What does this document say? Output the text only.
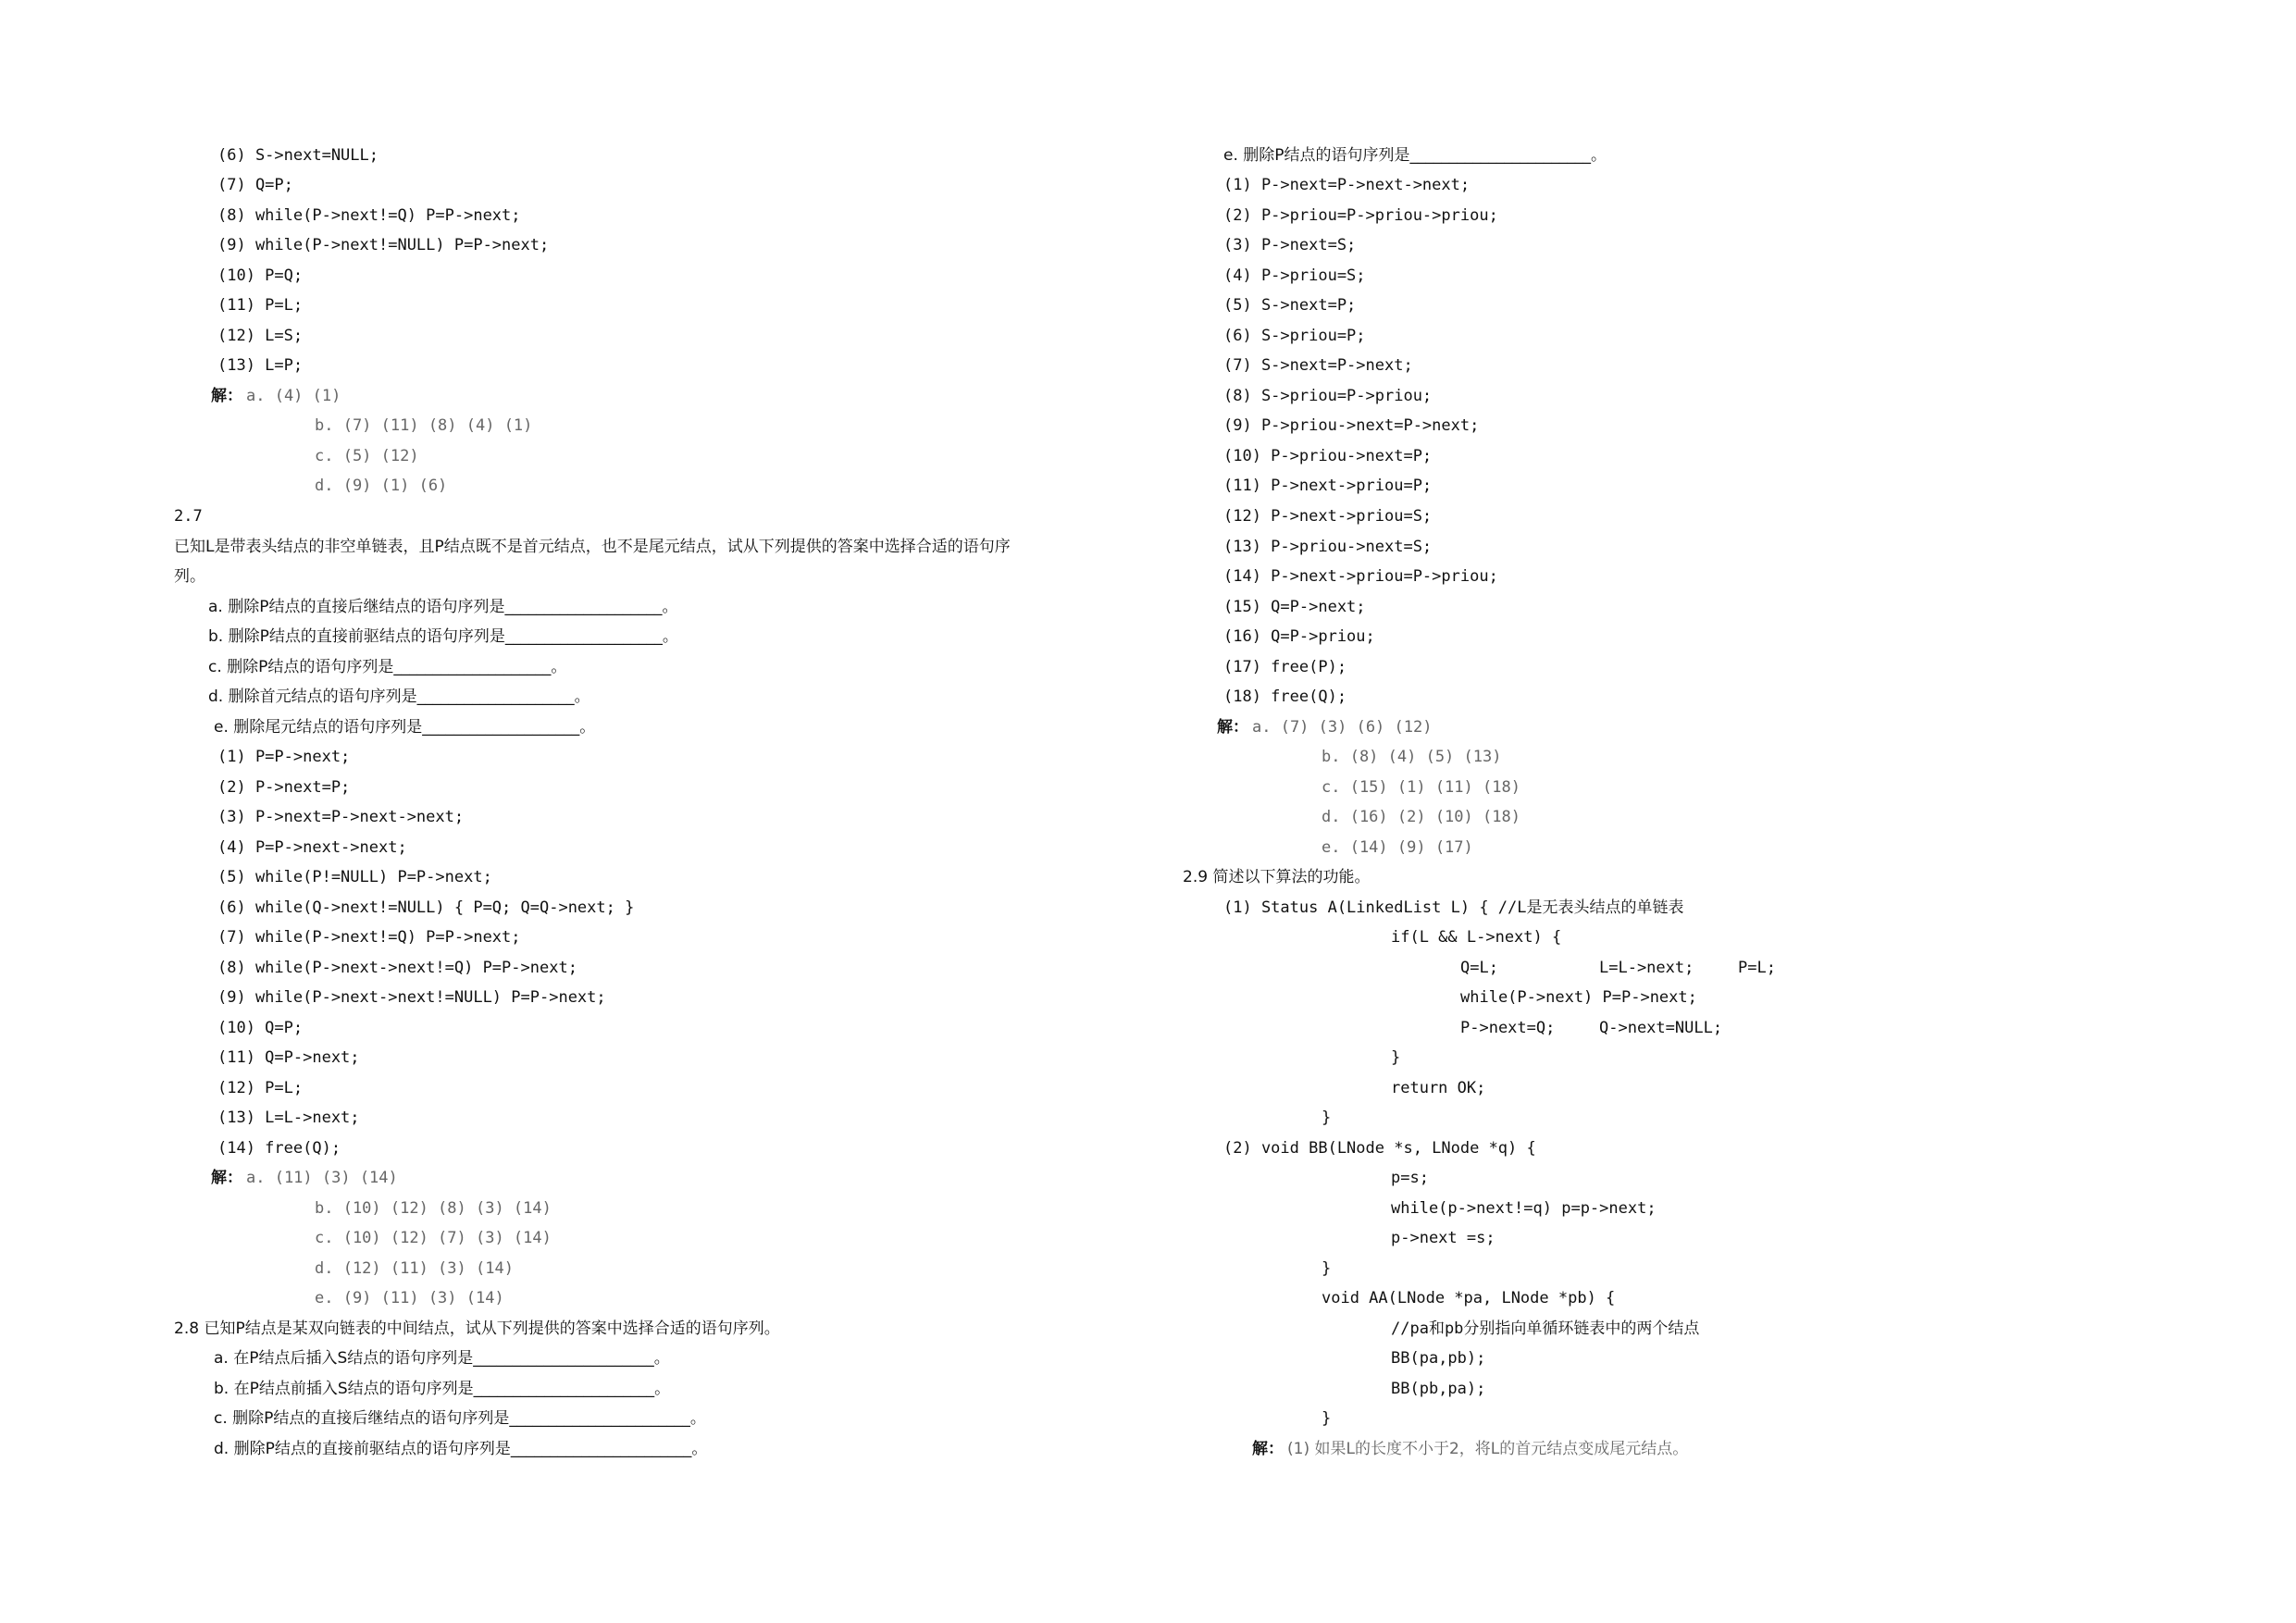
(6) S->next=NULL;
(7) Q=P;
(8) while(P->next!=Q) P=P->next;
(9) while(P->next!=NULL) P=P->next;
(10) P=Q;
(11) P=L;
(12) L=S;
(13) L=P;
解： a. (4) (1)
b. (7) (11) (8) (4) (1)
c. (5) (12)
d. (9) (1) (6)
2.7
已知L是带表头结点的非空单链表，且P结点既不是首元结点，也不是尾元结点，试从下列提供的答案中选择合适的语句序
列。
a. 删除P结点的直接后继结点的语句序列是____________________。
b. 删除P结点的直接前驱结点的语句序列是____________________。
c. 删除P结点的语句序列是____________________。
d. 删除首元结点的语句序列是____________________。
e. 删除尾元结点的语句序列是____________________。
(1) P=P->next;
(2) P->next=P;
(3) P->next=P->next->next;
(4) P=P->next->next;
(5) while(P!=NULL) P=P->next;
(6) while(Q->next!=NULL) { P=Q; Q=Q->next; }
(7) while(P->next!=Q) P=P->next;
(8) while(P->next->next!=Q) P=P->next;
(9) while(P->next->next!=NULL) P=P->next;
(10) Q=P;
(11) Q=P->next;
(12) P=L;
(13) L=L->next;
(14) free(Q);
解： a. (11) (3) (14)
b. (10) (12) (8) (3) (14)
c. (10) (12) (7) (3) (14)
d. (12) (11) (3) (14)
e. (9) (11) (3) (14)
2.8 已知P结点是某双向链表的中间结点，试从下列提供的答案中选择合适的语句序列。
a. 在P结点后插入S结点的语句序列是_______________________。
b. 在P结点前插入S结点的语句序列是_______________________。
c. 删除P结点的直接后继结点的语句序列是_______________________。
d. 删除P结点的直接前驱结点的语句序列是_______________________。
e. 删除P结点的语句序列是_______________________。
(1) P->next=P->next->next;
(2) P->priou=P->priou->priou;
(3) P->next=S;
(4) P->priou=S;
(5) S->next=P;
(6) S->priou=P;
(7) S->next=P->next;
(8) S->priou=P->priou;
(9) P->priou->next=P->next;
(10) P->priou->next=P;
(11) P->next->priou=P;
(12) P->next->priou=S;
(13) P->priou->next=S;
(14) P->next->priou=P->priou;
(15) Q=P->next;
(16) Q=P->priou;
(17) free(P);
(18) free(Q);
解： a. (7) (3) (6) (12)
b. (8) (4) (5) (13)
c. (15) (1) (11) (18)
d. (16) (2) (10) (18)
e. (14) (9) (17)
2.9 简述以下算法的功能。
(1) Status A(LinkedList L) { //L是无表头结点的单链表
if(L && L->next) {
Q=L;	L=L->next;	P=L;
while(P->next) P=P->next;
P->next=Q;	Q->next=NULL;
}
return OK;
}
(2) void BB(LNode *s, LNode *q) {
p=s;
while(p->next!=q) p=p->next;
p->next =s;
}
void AA(LNode *pa, LNode *pb) {
//pa和pb分别指向单循环链表中的两个结点
BB(pa,pb);
BB(pb,pa);
}
解： (1) 如果L的长度不小于2，将L的首元结点变成尾元结点。
